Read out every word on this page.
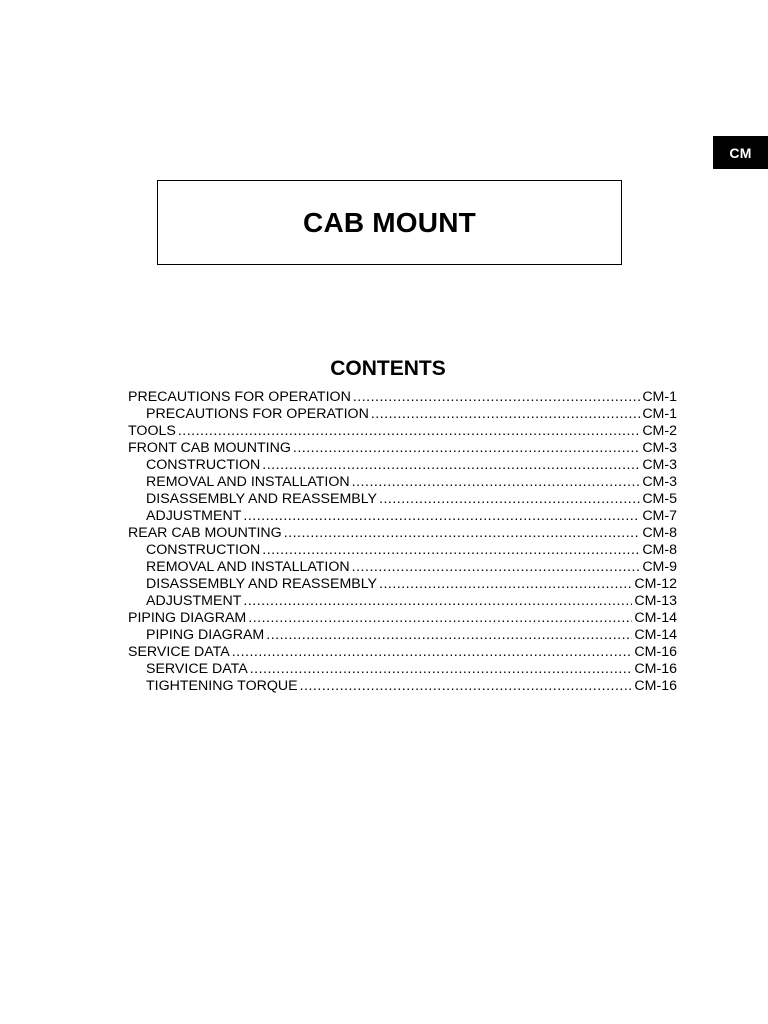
CM
CAB MOUNT
CONTENTS
PRECAUTIONS FOR OPERATION .....	CM-1
PRECAUTIONS FOR OPERATION .....	CM-1
TOOLS .....	CM-2
FRONT CAB MOUNTING .....	CM-3
CONSTRUCTION .....	CM-3
REMOVAL AND INSTALLATION .....	CM-3
DISASSEMBLY AND REASSEMBLY .....	CM-5
ADJUSTMENT .....	CM-7
REAR CAB MOUNTING .....	CM-8
CONSTRUCTION .....	CM-8
REMOVAL AND INSTALLATION .....	CM-9
DISASSEMBLY AND REASSEMBLY .....	CM-12
ADJUSTMENT .....	CM-13
PIPING DIAGRAM .....	CM-14
PIPING DIAGRAM .....	CM-14
SERVICE DATA .....	CM-16
SERVICE DATA .....	CM-16
TIGHTENING TORQUE .....	CM-16
